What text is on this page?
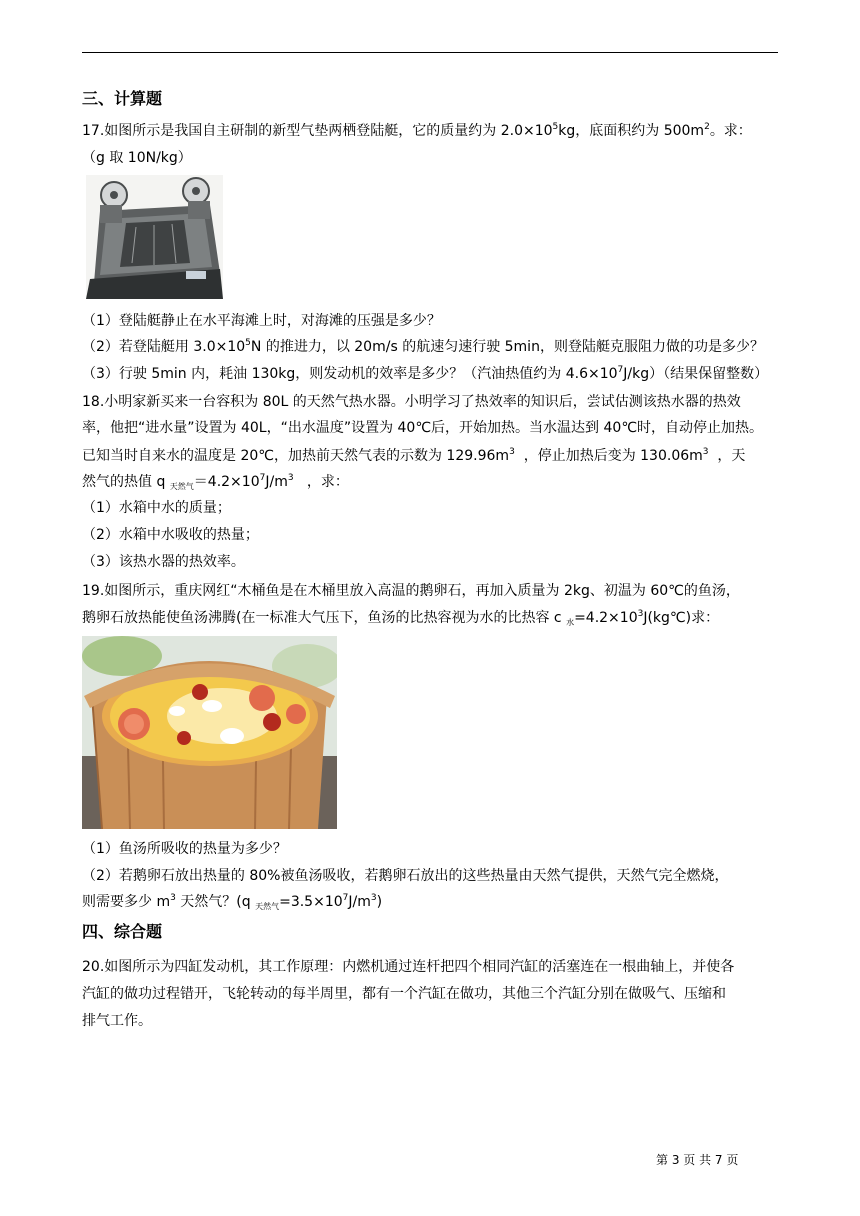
三、计算题
17.如图所示是我国自主研制的新型气垫两栖登陆艇，它的质量约为 $2.0\times 10^5kg$，底面积约为 $500m^2$。求：
（g 取 10N/kg）
（1）登陆艇静止在水平海滩上时，对海滩的压强是多少？
（2）若登陆艇用 $3.0\times 10^5N$ 的推进力，以 20m/s 的航速匀速行驶 5min，则登陆艇克服阻力做的功是多少？
（3）行驶 5min 内，耗油 130kg，则发动机的效率是多少？（汽油热值约为 $4.6\times 10^7J/kg$）（结果保留整数）
18.小明家新买来一台容积为 80L 的天然气热水器。小明学习了热效率的知识后，尝试估测该热水器的热效
率，他把“进水量”设置为 40L，“出水温度”设置为 40℃后，开始加热。当水温达到 40℃时，自动停止加热。
已知当时自来水的温度是 20℃，加热前天然气表的示数为 $129.96m^3$  ，停止加热后变为 $130.06m^3$  ，天
然气的热值 q $_{天然气}=4.2\times 10^7J/m^3$   ，求：
（1）水箱中水的质量；
（2）水箱中水吸收的热量；
（3）该热水器的热效率。
19.如图所示，重庆网红“木桶鱼是在木桶里放入高温的鹅卵石，再加入质量为 2kg、初温为 60℃的鱼汤，
鹅卵石放热能使鱼汤沸腾(在一标准大气压下，鱼汤的比热容视为水的比热容 c $_水=4.2\times 10^3J(kg℃)$求：
（1）鱼汤所吸收的热量为多少？
（2）若鹅卵石放出热量的 80%被鱼汤吸收，若鹅卵石放出的这些热量由天然气提供，天然气完全燃烧，
则需要多少 $m^3$ 天然气？(q $_{天然气}=3.5\times 10^7J/m^3$)
四、综合题
20.如图所示为四缸发动机，其工作原理：内燃机通过连杆把四个相同汽缸的活塞连在一根曲轴上，并使各
汽缸的做功过程错开，飞轮转动的每半周里，都有一个汽缸在做功，其他三个汽缸分别在做吸气、压缩和
排气工作。
第 3 页 共 7 页
